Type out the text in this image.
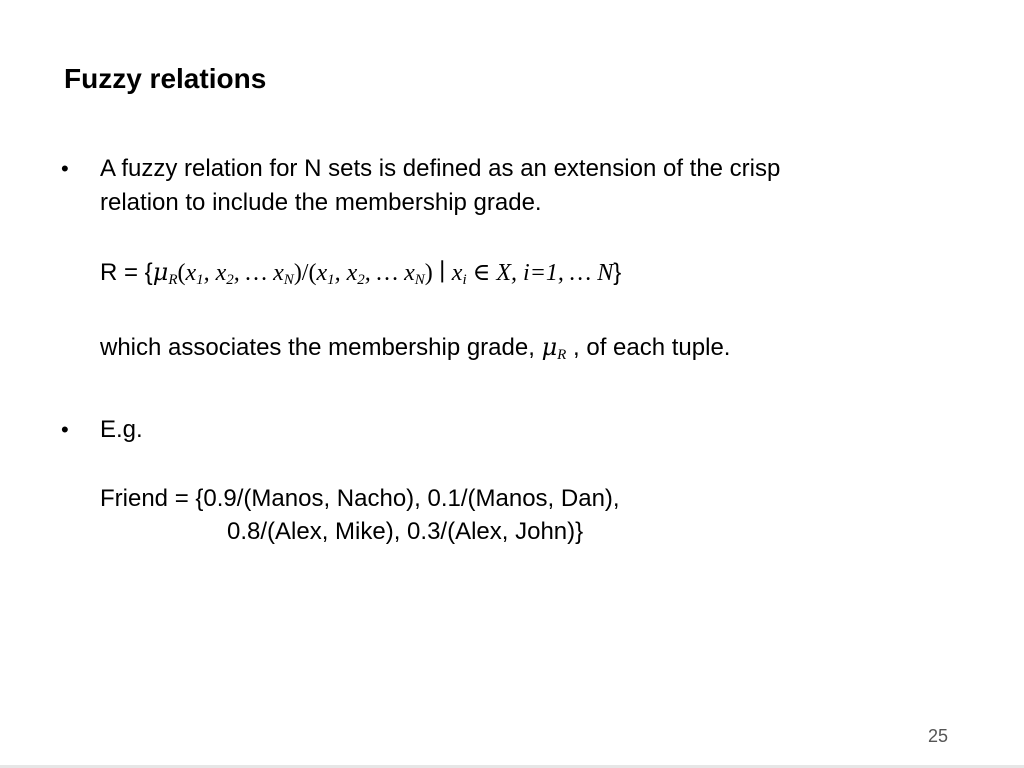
Fuzzy relations
• A fuzzy relation for N sets is defined as an extension of the crisp
relation to include the membership grade.
$R = \{\mu_R(x_1$, $x_2$, … $x_N)/(x_1$, $x_2$, … $x_N$) ∣ $x_i$ ∈ X, i=1, … N}
which associates the membership grade, $\mu_R$ , of each tuple.
• E.g.
Friend = {0.9/(Manos, Nacho), 0.1/(Manos, Dan),
0.8/(Alex, Mike), 0.3/(Alex, John)}
25
